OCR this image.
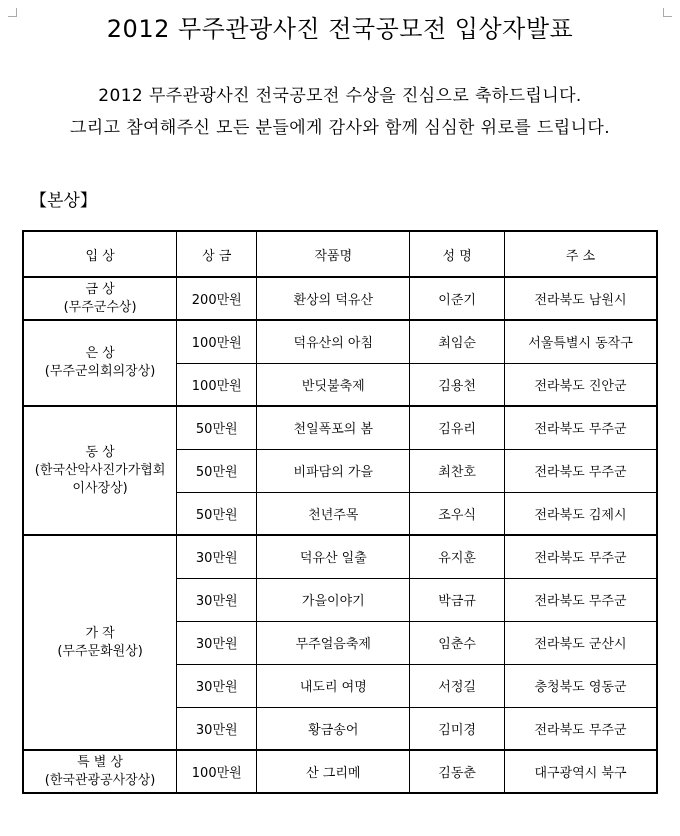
2012 무주관광사진 전국공모전 입상자발표
2012 무주관광사진 전국공모전 수상을 진심으로 축하드립니다.
그리고 참여해주신 모든 분들에게 감사와 함께 심심한 위로를 드립니다.
【본상】
입 상	상 금	작품명	성 명	주 소

금 상
(무주군수상)	200만원	환상의 덕유산	이준기	전라북도 남원시

은 상
(무주군의회의장상)	100만원	덕유산의 아침	최임순	서울특별시 동작구
	100만원	반딧불축제	김용천	전라북도 진안군

동 상
(한국산악사진가가협회 이사장상)	50만원	천일폭포의 봄	김유리	전라북도 무주군
	50만원	비파담의 가을	최찬호	전라북도 무주군
	50만원	천년주목	조우식	전라북도 김제시

가 작
(무주문화원상)	30만원	덕유산 일출	유지훈	전라북도 무주군
	30만원	가을이야기	박금규	전라북도 무주군
	30만원	무주얼음축제	임춘수	전라북도 군산시
	30만원	내도리 여명	서정길	충청북도 영동군
	30만원	황금송어	김미경	전라북도 무주군

특 별 상
(한국관광공사장상)	100만원	산 그리메	김동춘	대구광역시 북구
